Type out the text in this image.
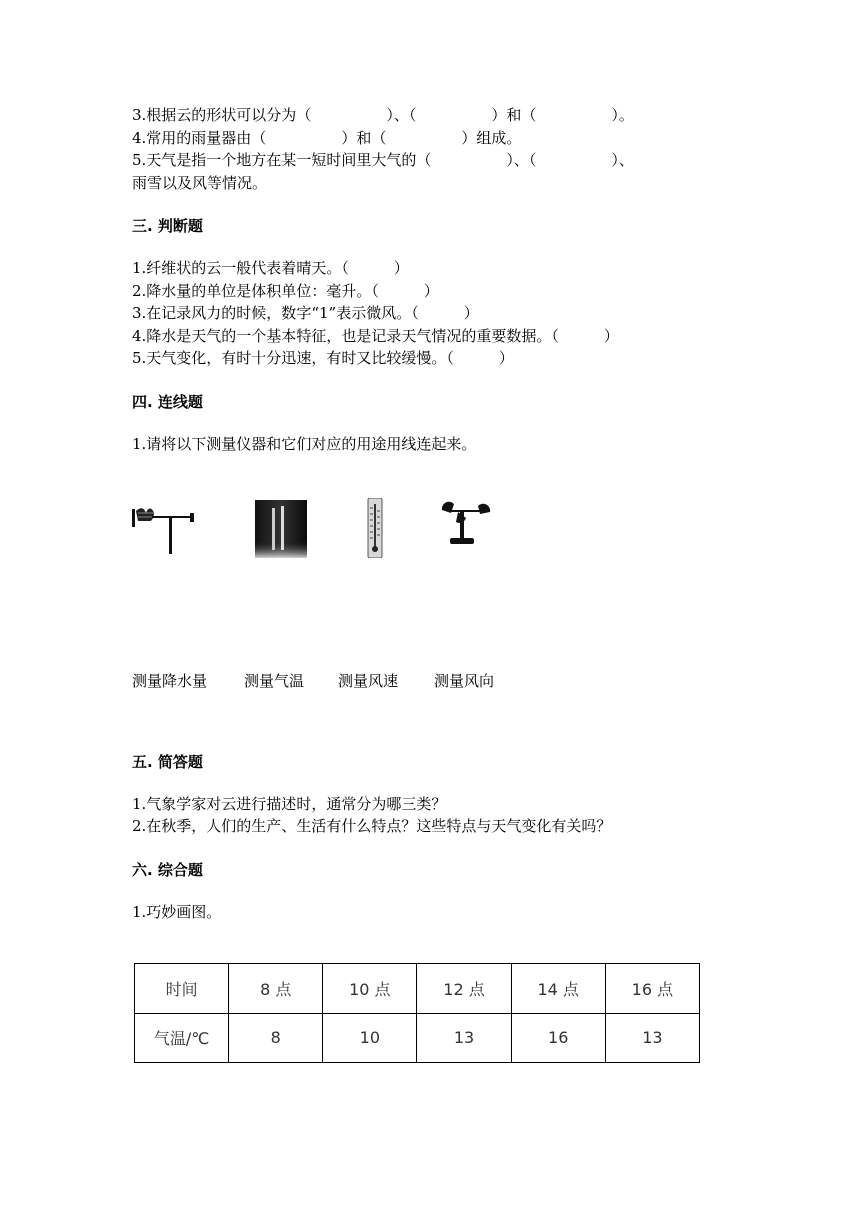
3.根据云的形状可以分为（　　　　　）、（　　　　　）和（　　　　　）。
4.常用的雨量器由（　　　　　）和（　　　　　）组成。
5.天气是指一个地方在某一短时间里大气的（　　　　　）、（　　　　　）、
雨雪以及风等情况。
三. 判断题
1.纤维状的云一般代表着晴天。（　　　）
2.降水量的单位是体积单位：毫升。（　　　）
3.在记录风力的时候，数字“1”表示微风。（　　　）
4.降水是天气的一个基本特征，也是记录天气情况的重要数据。（　　　）
5.天气变化，有时十分迅速，有时又比较缓慢。（　　　）
四. 连线题
1.请将以下测量仪器和它们对应的用途用线连起来。
测量降水量 测量气温 测量风速 测量风向
五. 简答题
1.气象学家对云进行描述时，通常分为哪三类？
2.在秋季，人们的生产、生活有什么特点？这些特点与天气变化有关吗？
六. 综合题
1.巧妙画图。
时间	8 点	10 点	12 点	14 点	16 点
气温/℃	8	10	13	16	13
